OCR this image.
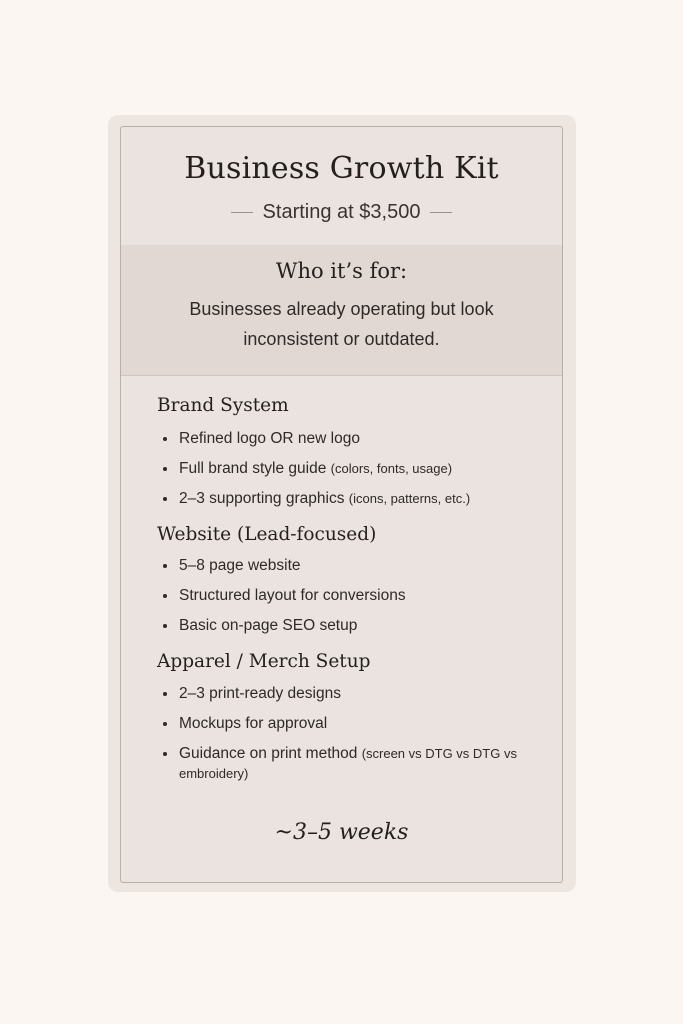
Business Growth Kit
Starting at $3,500
Who it’s for:

Businesses already operating but look inconsistent or outdated.

Brand System
Refined logo OR new logo
Full brand style guide (colors, fonts, usage)
2–3 supporting graphics (icons, patterns, etc.)
Website (Lead-focused)
5–8 page website
Structured layout for conversions
Basic on-page SEO setup
Apparel / Merch Setup
2–3 print-ready designs
Mockups for approval
Guidance on print method (screen vs DTG vs DTG vs embroidery)

~3–5 weeks
